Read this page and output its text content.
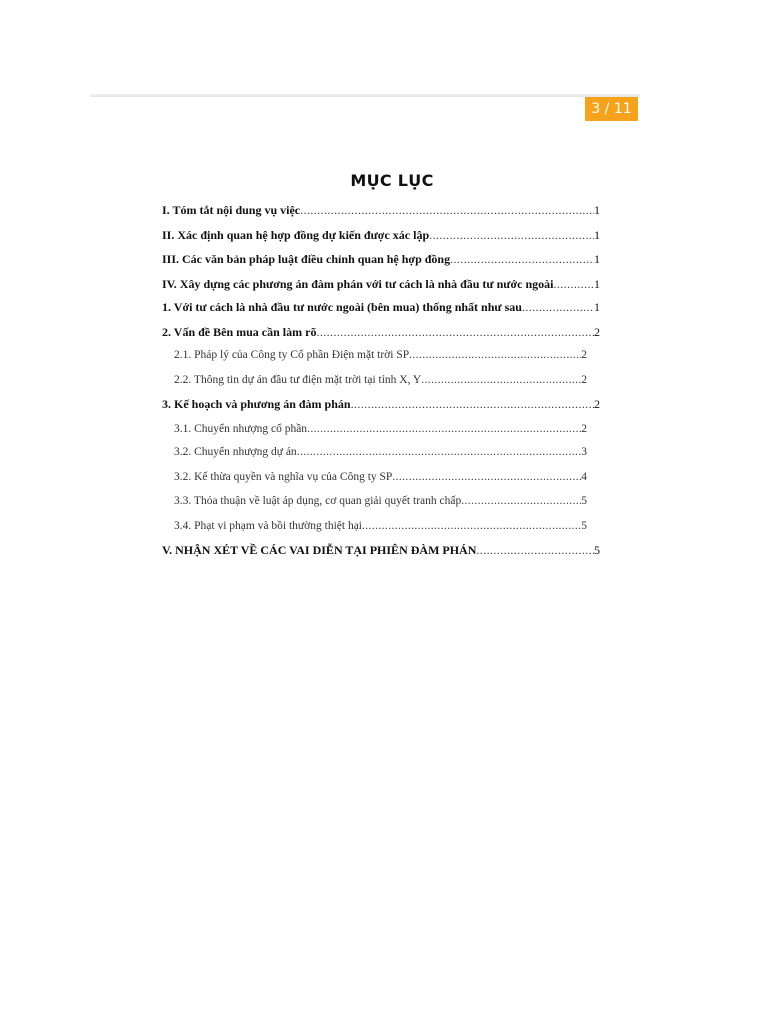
3 / 11
MỤC LỤC
I. Tóm tắt nội dung vụ việc .....	1
II. Xác định quan hệ hợp đồng dự kiến được xác lập .....	1
III. Các văn bản pháp luật điều chỉnh quan hệ hợp đồng .....	1
IV. Xây dựng các phương án đàm phán với tư cách là nhà đầu tư nước ngoài .....	1
1. Với tư cách là nhà đầu tư nước ngoài (bên mua) thống nhất như sau .....	1
2. Vấn đề Bên mua cần làm rõ .....	2
2.1. Pháp lý của Công ty Cổ phần Điện mặt trời SP .....	2
2.2. Thông tin dự án đầu tư điện mặt trời tại tỉnh X, Y .....	2
3. Kế hoạch và phương án đàm phán .....	2
3.1. Chuyển nhượng cổ phần .....	2
3.2. Chuyển nhượng dự án .....	3
3.2. Kế thừa quyền và nghĩa vụ của Công ty SP .....	4
3.3. Thỏa thuận về luật áp dụng, cơ quan giải quyết tranh chấp .....	5
3.4. Phạt vi phạm và bồi thường thiệt hại .....	5
V. NHẬN XÉT VỀ CÁC VAI DIỄN TẠI PHIÊN ĐÀM PHÁN .....	5
